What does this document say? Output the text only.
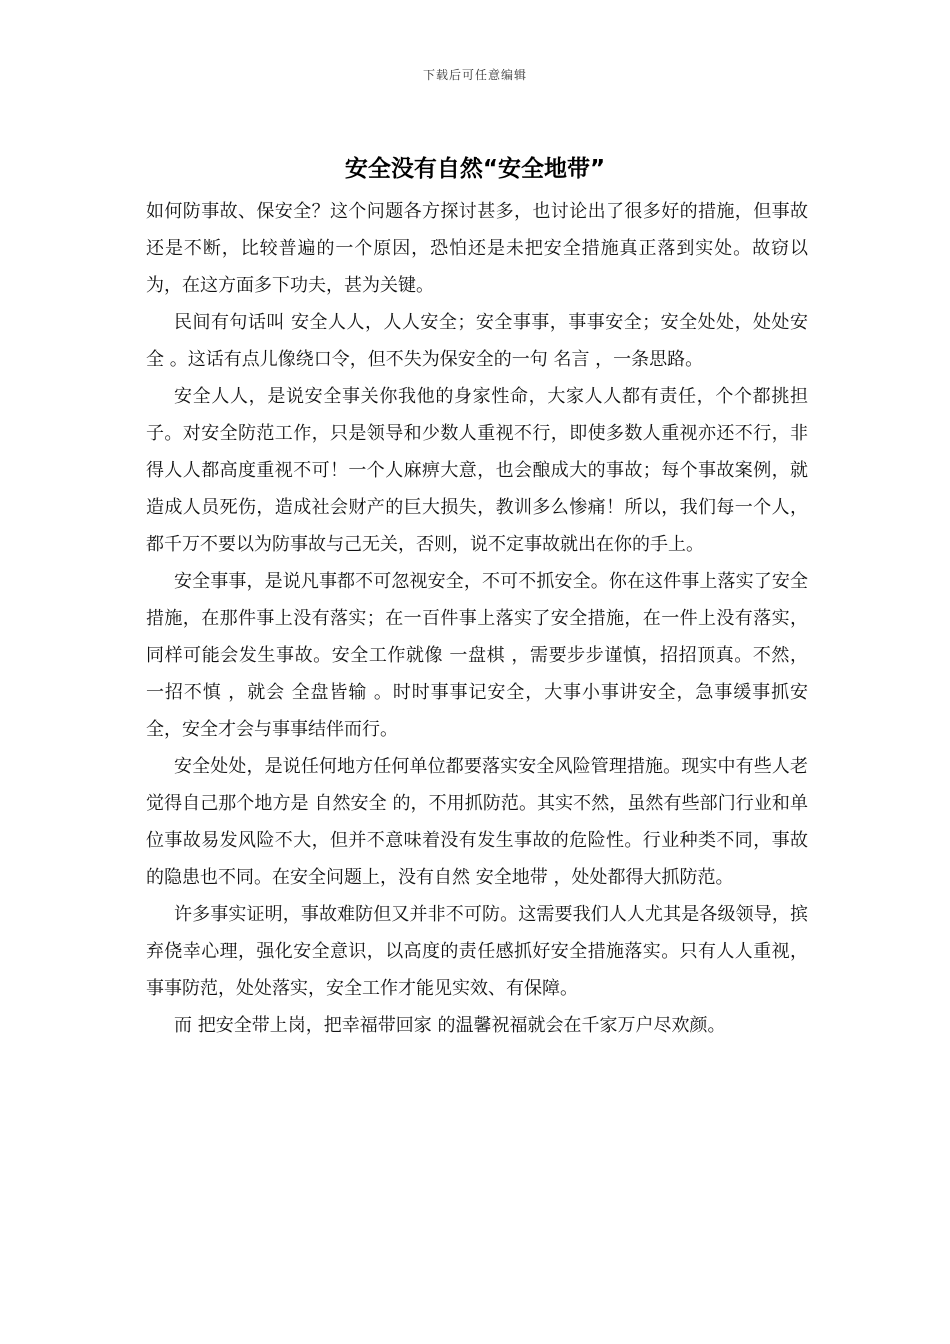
下载后可任意编辑
安全没有自然“安全地带”

如何防事故、保安全？这个问题各方探讨甚多，也讨论出了很多好的措施，但事故还是不断，比较普遍的一个原因，恐怕还是未把安全措施真正落到实处。故窃以为，在这方面多下功夫，甚为关键。

民间有句话叫 安全人人，人人安全；安全事事，事事安全；安全处处，处处安全 。这话有点儿像绕口令，但不失为保安全的一句 名言 ，一条思路。

安全人人，是说安全事关你我他的身家性命，大家人人都有责任，个个都挑担子。对安全防范工作，只是领导和少数人重视不行，即使多数人重视亦还不行，非得人人都高度重视不可！一个人麻痹大意，也会酿成大的事故；每个事故案例，就造成人员死伤，造成社会财产的巨大损失，教训多么惨痛！所以，我们每一个人，都千万不要以为防事故与己无关，否则，说不定事故就出在你的手上。

安全事事，是说凡事都不可忽视安全，不可不抓安全。你在这件事上落实了安全措施，在那件事上没有落实；在一百件事上落实了安全措施，在一件上没有落实，同样可能会发生事故。安全工作就像 一盘棋 ，需要步步谨慎，招招顶真。不然， 一招不慎 ，就会 全盘皆输 。时时事事记安全，大事小事讲安全，急事缓事抓安全，安全才会与事事结伴而行。

安全处处，是说任何地方任何单位都要落实安全风险管理措施。现实中有些人老觉得自己那个地方是 自然安全 的，不用抓防范。其实不然，虽然有些部门行业和单位事故易发风险不大，但并不意味着没有发生事故的危险性。行业种类不同，事故的隐患也不同。在安全问题上，没有自然 安全地带 ，处处都得大抓防范。

许多事实证明，事故难防但又并非不可防。这需要我们人人尤其是各级领导，摈弃侥幸心理，强化安全意识，以高度的责任感抓好安全措施落实。只有人人重视，事事防范，处处落实，安全工作才能见实效、有保障。

而 把安全带上岗，把幸福带回家 的温馨祝福就会在千家万户尽欢颜。
